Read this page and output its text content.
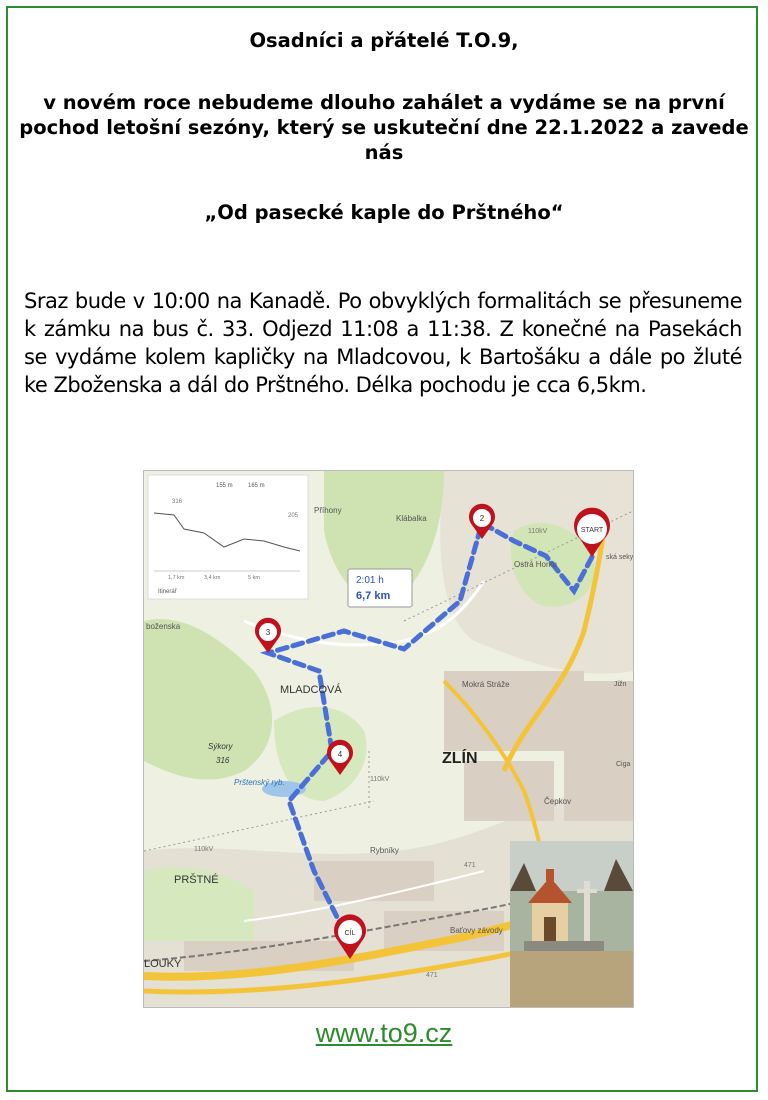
Osadníci a přátelé T.O.9,
v novém roce nebudeme dlouho zahálet a vydáme se na první pochod letošní sezóny, který se uskuteční dne 22.1.2022 a zavede nás
„Od pasecké kaple do Prštného“
Sraz bude v 10:00 na Kanadě. Po obvyklých formalitách se přesuneme k zámku na bus č. 33. Odjezd 11:08 a 11:38. Z konečné na Pasekách se vydáme kolem kapličky na Mladcovou, k Bartošáku a dále po žluté ke Zboženska a dál do Prštného. Délka pochodu je cca 6,5km.
155 m	165 m
316
205
1,7 km	3,4 km	5 km
Itinerář
2:01 h
6,7 km
Příhony
Klábalka
Ostrá Horka
ská seky
boženska
MLADCOVÁ	Mokrá Stráže
Sýkory
316
Prštenský ryb.
ZLÍN
Čepkov
Rybníky
PRŠTNÉ
Baťovy závody
LOUKY
110kV
110kV
110kV
471
471
Jižn
Ciga
START
2
3
4
CÍL
www.to9.cz
